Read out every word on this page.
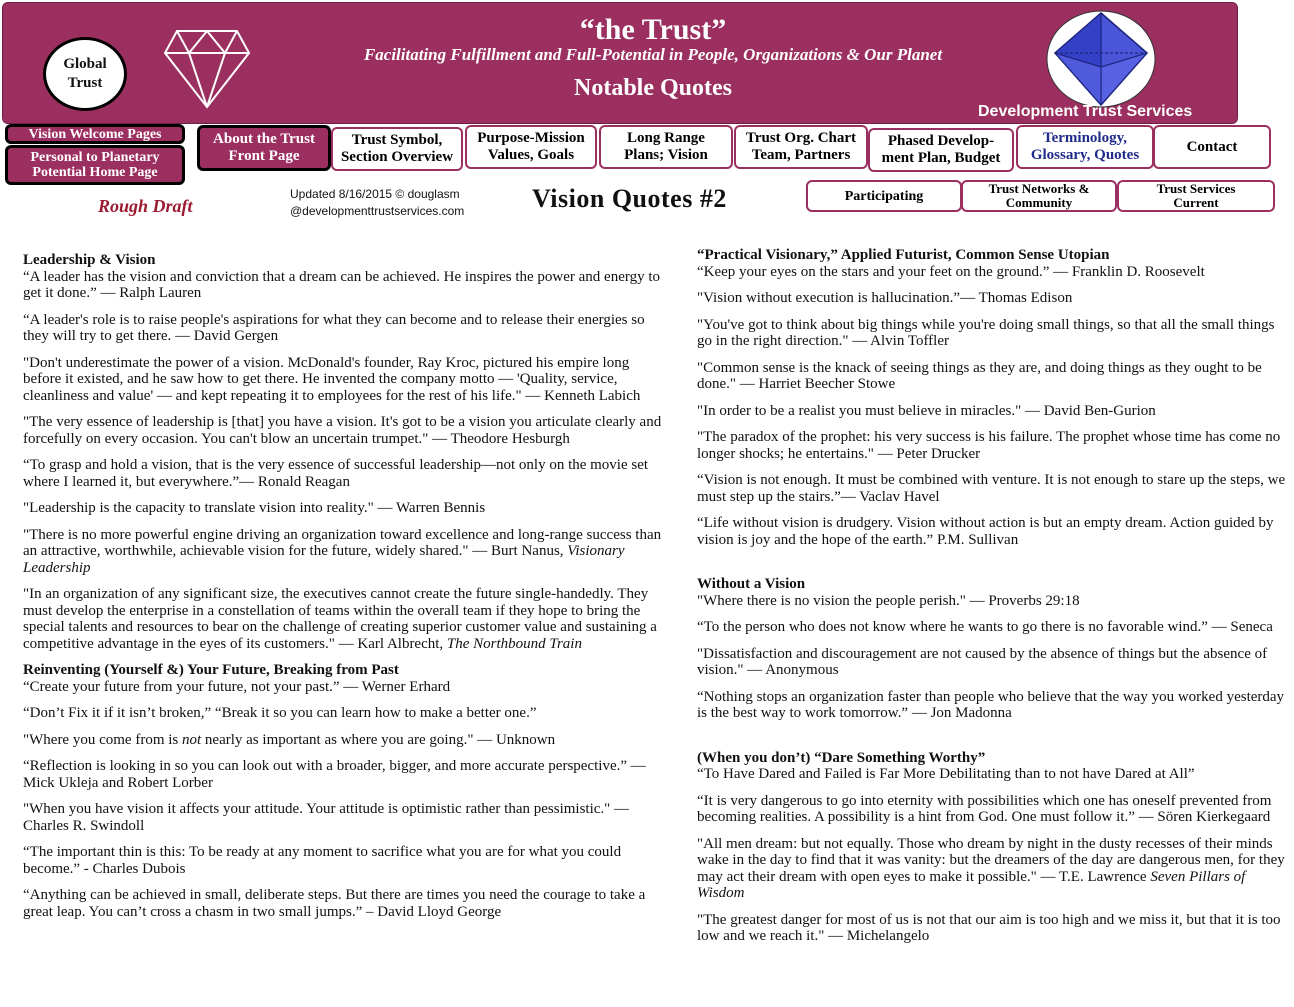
Global
Trust
“the Trust”
Facilitating Fulfillment and Full-Potential in People, Organizations & Our Planet
Notable Quotes
Development Trust Services
Vision Welcome Pages
Personal to Planetary
Potential Home Page
About the Trust
Front Page
Trust Symbol,
Section Overview
Purpose-Mission
Values, Goals
Long Range
Plans; Vision
Trust Org. Chart
Team, Partners
Phased Develop-
ment Plan, Budget
Terminology,
Glossary, Quotes
Contact
Participating	Trust Networks &
Community
Trust Services
Current
Updated 8/16/2015 © douglasm
@developmenttrustservices.com
Rough Draft	Vision Quotes #2
Leadership & Vision
“A leader has the vision and conviction that a dream can be achieved. He inspires the power and energy to get it done.” — Ralph Lauren
“A leader's role is to raise people's aspirations for what they can become and to release their energies so they will try to get there. — David Gergen
"Don't underestimate the power of a vision. McDonald's founder, Ray Kroc, pictured his empire long before it existed, and he saw how to get there. He invented the company motto — 'Quality, service, cleanliness and value' — and kept repeating it to employees for the rest of his life." — Kenneth Labich
"The very essence of leadership is [that] you have a vision. It's got to be a vision you articulate clearly and forcefully on every occasion. You can't blow an uncertain trumpet." — Theodore Hesburgh
“To grasp and hold a vision, that is the very essence of successful leadership—not only on the movie set where I learned it, but everywhere.”— Ronald Reagan
"Leadership is the capacity to translate vision into reality." — Warren Bennis
"There is no more powerful engine driving an organization toward excellence and long-range success than an attractive, worthwhile, achievable vision for the future, widely shared." — Burt Nanus, Visionary Leadership
"In an organization of any significant size, the executives cannot create the future single-handedly. They must develop the enterprise in a constellation of teams within the overall team if they hope to bring the special talents and resources to bear on the challenge of creating superior customer value and sustaining a competitive advantage in the eyes of its customers." — Karl Albrecht, The Northbound Train
Reinventing (Yourself &) Your Future, Breaking from Past
“Create your future from your future, not your past.” — Werner Erhard
“Don’t Fix it if it isn’t broken,” “Break it so you can learn how to make a better one.”
"Where you come from is not nearly as important as where you are going." — Unknown
“Reflection is looking in so you can look out with a broader, bigger, and more accurate perspective.” — Mick Ukleja and Robert Lorber
"When you have vision it affects your attitude. Your attitude is optimistic rather than pessimistic." — Charles R. Swindoll
“The important thin is this: To be ready at any moment to sacrifice what you are for what you could become.” - Charles Dubois
“Anything can be achieved in small, deliberate steps. But there are times you need the courage to take a great leap. You can’t cross a chasm in two small jumps.” – David Lloyd George
“Practical Visionary,” Applied Futurist, Common Sense Utopian
“Keep your eyes on the stars and your feet on the ground.” — Franklin D. Roosevelt
"Vision without execution is hallucination.”— Thomas Edison
"You've got to think about big things while you're doing small things, so that all the small things go in the right direction." — Alvin Toffler
"Common sense is the knack of seeing things as they are, and doing things as they ought to be done." — Harriet Beecher Stowe
"In order to be a realist you must believe in miracles." — David Ben-Gurion
"The paradox of the prophet: his very success is his failure. The prophet whose time has come no longer shocks; he entertains." — Peter Drucker
“Vision is not enough. It must be combined with venture. It is not enough to stare up the steps, we must step up the stairs.”— Vaclav Havel
“Life without vision is drudgery. Vision without action is but an empty dream. Action guided by vision is joy and the hope of the earth.” P.M. Sullivan
Without a Vision
"Where there is no vision the people perish." — Proverbs 29:18
“To the person who does not know where he wants to go there is no favorable wind.” — Seneca
"Dissatisfaction and discouragement are not caused by the absence of things but the absence of vision." — Anonymous
“Nothing stops an organization faster than people who believe that the way you worked yesterday is the best way to work tomorrow.” — Jon Madonna
(When you don’t) “Dare Something Worthy”
“To Have Dared and Failed is Far More Debilitating than to not have Dared at All”
“It is very dangerous to go into eternity with possibilities which one has oneself prevented from becoming realities. A possibility is a hint from God. One must follow it.” — Sören Kierkegaard
"All men dream: but not equally. Those who dream by night in the dusty recesses of their minds wake in the day to find that it was vanity: but the dreamers of the day are dangerous men, for they may act their dream with open eyes to make it possible." — T.E. Lawrence Seven Pillars of Wisdom
"The greatest danger for most of us is not that our aim is too high and we miss it, but that it is too low and we reach it." — Michelangelo
